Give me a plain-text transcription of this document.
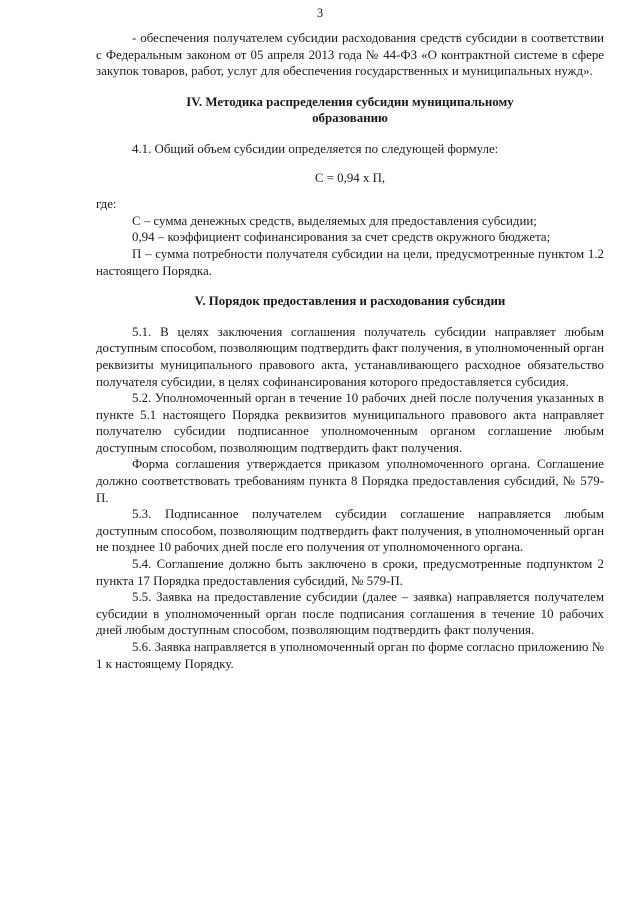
3

- обеспечения получателем субсидии расходования средств субсидии в соответствии с Федеральным законом от 05 апреля 2013 года № 44-ФЗ «О контрактной системе в сфере закупок товаров, работ, услуг для обеспечения государственных и муниципальных нужд».

IV. Методика распределения субсидии муниципальному образованию

4.1. Общий объем субсидии определяется по следующей формуле:

С = 0,94 х П,

где:

С – сумма денежных средств, выделяемых для предоставления субсидии;

0,94 – коэффициент софинансирования за счет средств окружного бюджета;

П – сумма потребности получателя субсидии на цели, предусмотренные пунктом 1.2 настоящего Порядка.

V. Порядок предоставления и расходования субсидии

5.1. В целях заключения соглашения получатель субсидии направляет любым доступным способом, позволяющим подтвердить факт получения, в уполномоченный орган реквизиты муниципального правового акта, устанавливающего расходное обязательство получателя субсидии, в целях софинансирования которого предоставляется субсидия.

5.2. Уполномоченный орган в течение 10 рабочих дней после получения указанных в пункте 5.1 настоящего Порядка реквизитов муниципального правового акта направляет получателю субсидии подписанное уполномоченным органом соглашение любым доступным способом, позволяющим подтвердить факт получения.

Форма соглашения утверждается приказом уполномоченного органа. Соглашение должно соответствовать требованиям пункта 8 Порядка предоставления субсидий, № 579-П.

5.3. Подписанное получателем субсидии соглашение направляется любым доступным способом, позволяющим подтвердить факт получения, в уполномоченный орган не позднее 10 рабочих дней после его получения от уполномоченного органа.

5.4. Соглашение должно быть заключено в сроки, предусмотренные подпунктом 2 пункта 17 Порядка предоставления субсидий, № 579-П.

5.5. Заявка на предоставление субсидии (далее – заявка) направляется получателем субсидии в уполномоченный орган после подписания соглашения в течение 10 рабочих дней любым доступным способом, позволяющим подтвердить факт получения.

5.6. Заявка направляется в уполномоченный орган по форме согласно приложению № 1 к настоящему Порядку.
